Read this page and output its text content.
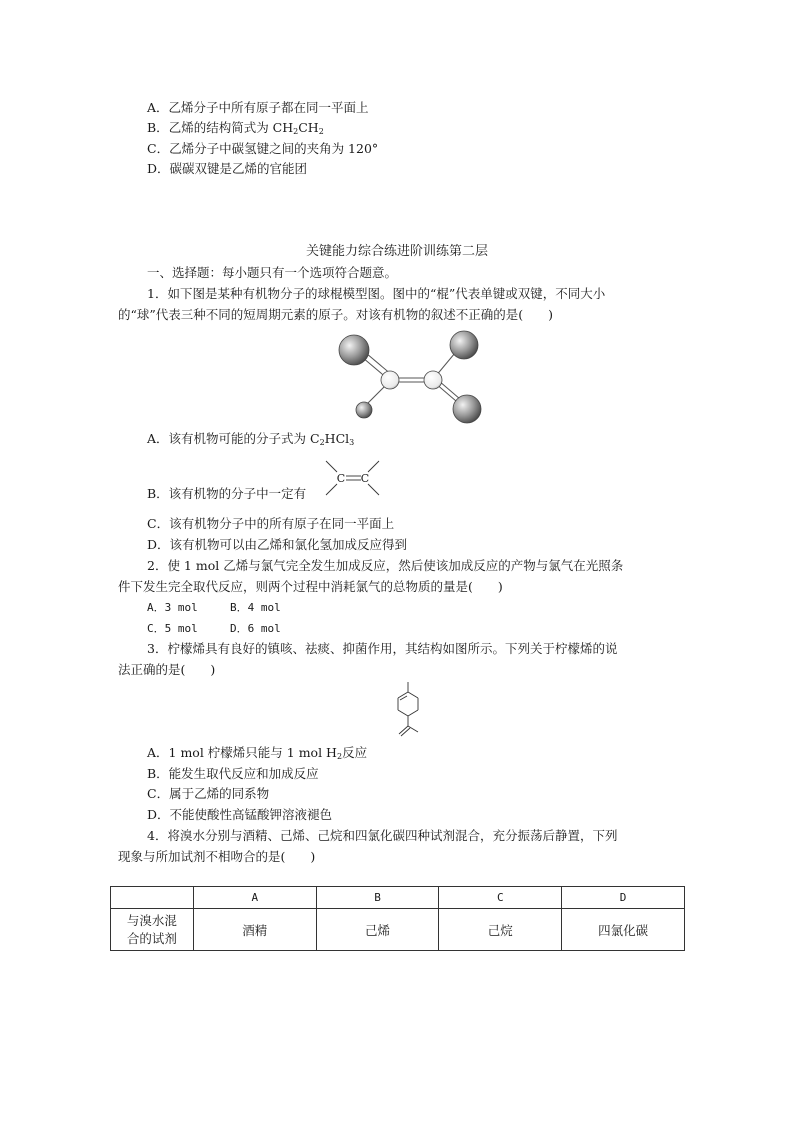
A．乙烯分子中所有原子都在同一平面上
B．乙烯的结构简式为 $CH_2CH_2$
C．乙烯分子中碳氢键之间的夹角为 120°
D．碳碳双键是乙烯的官能团
关键能力综合练进阶训练第二层
一、选择题：每小题只有一个选项符合题意。
1．如下图是某种有机物分子的球棍模型图。图中的“棍”代表单键或双键，不同大小
的“球”代表三种不同的短周期元素的原子。对该有机物的叙述不正确的是(　　)
A．该有机物可能的分子式为 $C_2HCl_3$
B．该有机物的分子中一定有
C C
C．该有机物分子中的所有原子在同一平面上
D．该有机物可以由乙烯和氯化氢加成反应得到
2．使 1 mol 乙烯与氯气完全发生加成反应，然后使该加成反应的产物与氯气在光照条
件下发生完全取代反应，则两个过程中消耗氯气的总物质的量是(　　)
A．3 mol	B．4 mol
C．5 mol	D．6 mol
3．柠檬烯具有良好的镇咳、祛痰、抑菌作用，其结构如图所示。下列关于柠檬烯的说
法正确的是(　　)
A．1 mol 柠檬烯只能与 1 mol $H_2$反应
B．能发生取代反应和加成反应
C．属于乙烯的同系物
D．不能使酸性高锰酸钾溶液褪色
4．将溴水分别与酒精、己烯、己烷和四氯化碳四种试剂混合，充分振荡后静置，下列
现象与所加试剂不相吻合的是(　　)
	A	B	C	D

与溴水混
合的试剂	酒精	己烯	己烷	四氯化碳
